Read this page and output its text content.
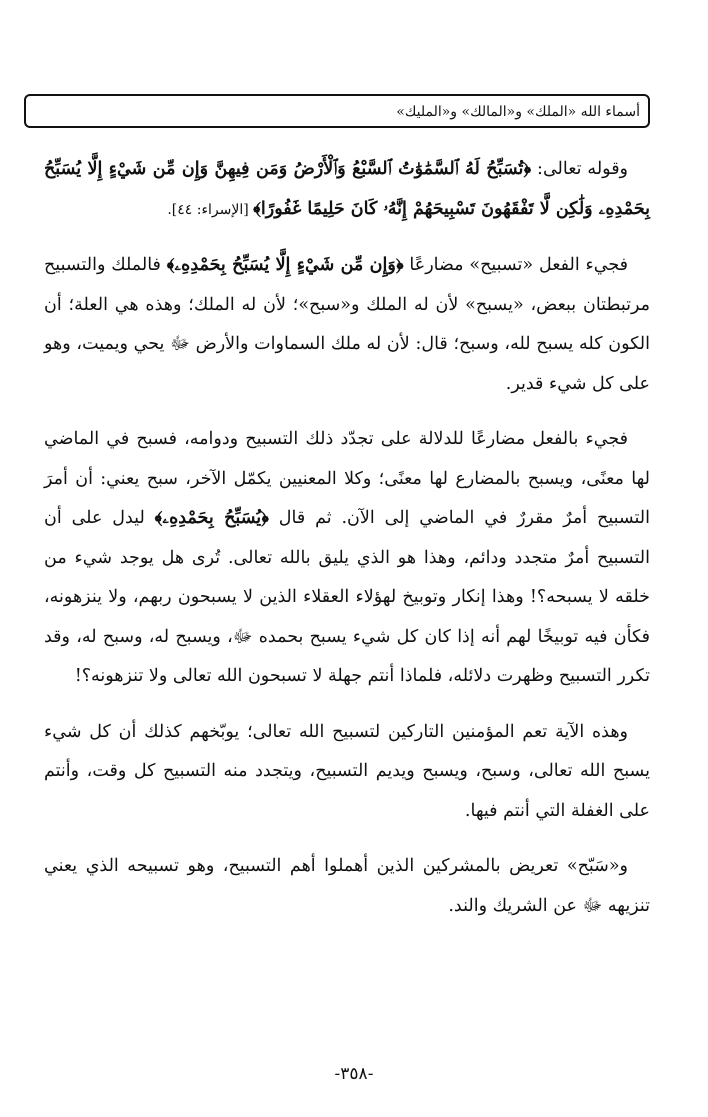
أسماء الله «الملك» و«المالك» و«المليك»

وقوله تعالى: ﴿تُسَبِّحُ لَهُ ٱلسَّمَٰوَٰتُ ٱلسَّبْعُ وَٱلْأَرْضُ وَمَن فِيهِنَّ وَإِن مِّن شَيْءٍ إِلَّا يُسَبِّحُ بِحَمْدِهِۦ وَلَٰكِن لَّا تَفْقَهُونَ تَسْبِيحَهُمْ إِنَّهُۥ كَانَ حَلِيمًا غَفُورًا﴾ [الإسراء: ٤٤].

فجيء الفعل «تسبيح» مضارعًا ﴿وَإِن مِّن شَيْءٍ إِلَّا يُسَبِّحُ بِحَمْدِهِۦ﴾ فالملك والتسبيح مرتبطتان ببعض، «يسبح» لأن له الملك و«سبح»؛ لأن له الملك؛ وهذه هي العلة؛ أن الكون كله يسبح لله، وسبح؛ قال: لأن له ملك السماوات والأرض ﷻ يحي ويميت، وهو على كل شيء قدير.

فجيء بالفعل مضارعًا للدلالة على تجدّد ذلك التسبيح ودوامه، فسبح في الماضي لها معنًى، ويسبح بالمضارع لها معنًى؛ وكلا المعنيين يكمّل الآخر، سبح يعني: أن أمرَ التسبيح أمرٌ مقررٌ في الماضي إلى الآن. ثم قال ﴿يُسَبِّحُ بِحَمْدِهِۦ﴾ ليدل على أن التسبيح أمرٌ متجدد ودائم، وهذا هو الذي يليق بالله تعالى. تُرى هل يوجد شيء من خلقه لا يسبحه؟! وهذا إنكار وتوبيخ لهؤلاء العقلاء الذين لا يسبحون ربهم، ولا ينزهونه، فكأن فيه توبيخًا لهم أنه إذا كان كل شيء يسبح بحمده ﷻ، ويسبح له، وسبح له، وقد تكرر التسبيح وظهرت دلائله، فلماذا أنتم جهلة لا تسبحون الله تعالى ولا تنزهونه؟!

وهذه الآية تعم المؤمنين التاركين لتسبيح الله تعالى؛ يوبّخهم كذلك أن كل شيء يسبح الله تعالى، وسبح، ويسبح ويديم التسبيح، ويتجدد منه التسبيح كل وقت، وأنتم على الغفلة التي أنتم فيها.

و«سَبّح» تعريض بالمشركين الذين أهملوا أهم التسبيح، وهو تسبيحه الذي يعني تنزيهه ﷻ عن الشريك والند.

-٣٥٨-
